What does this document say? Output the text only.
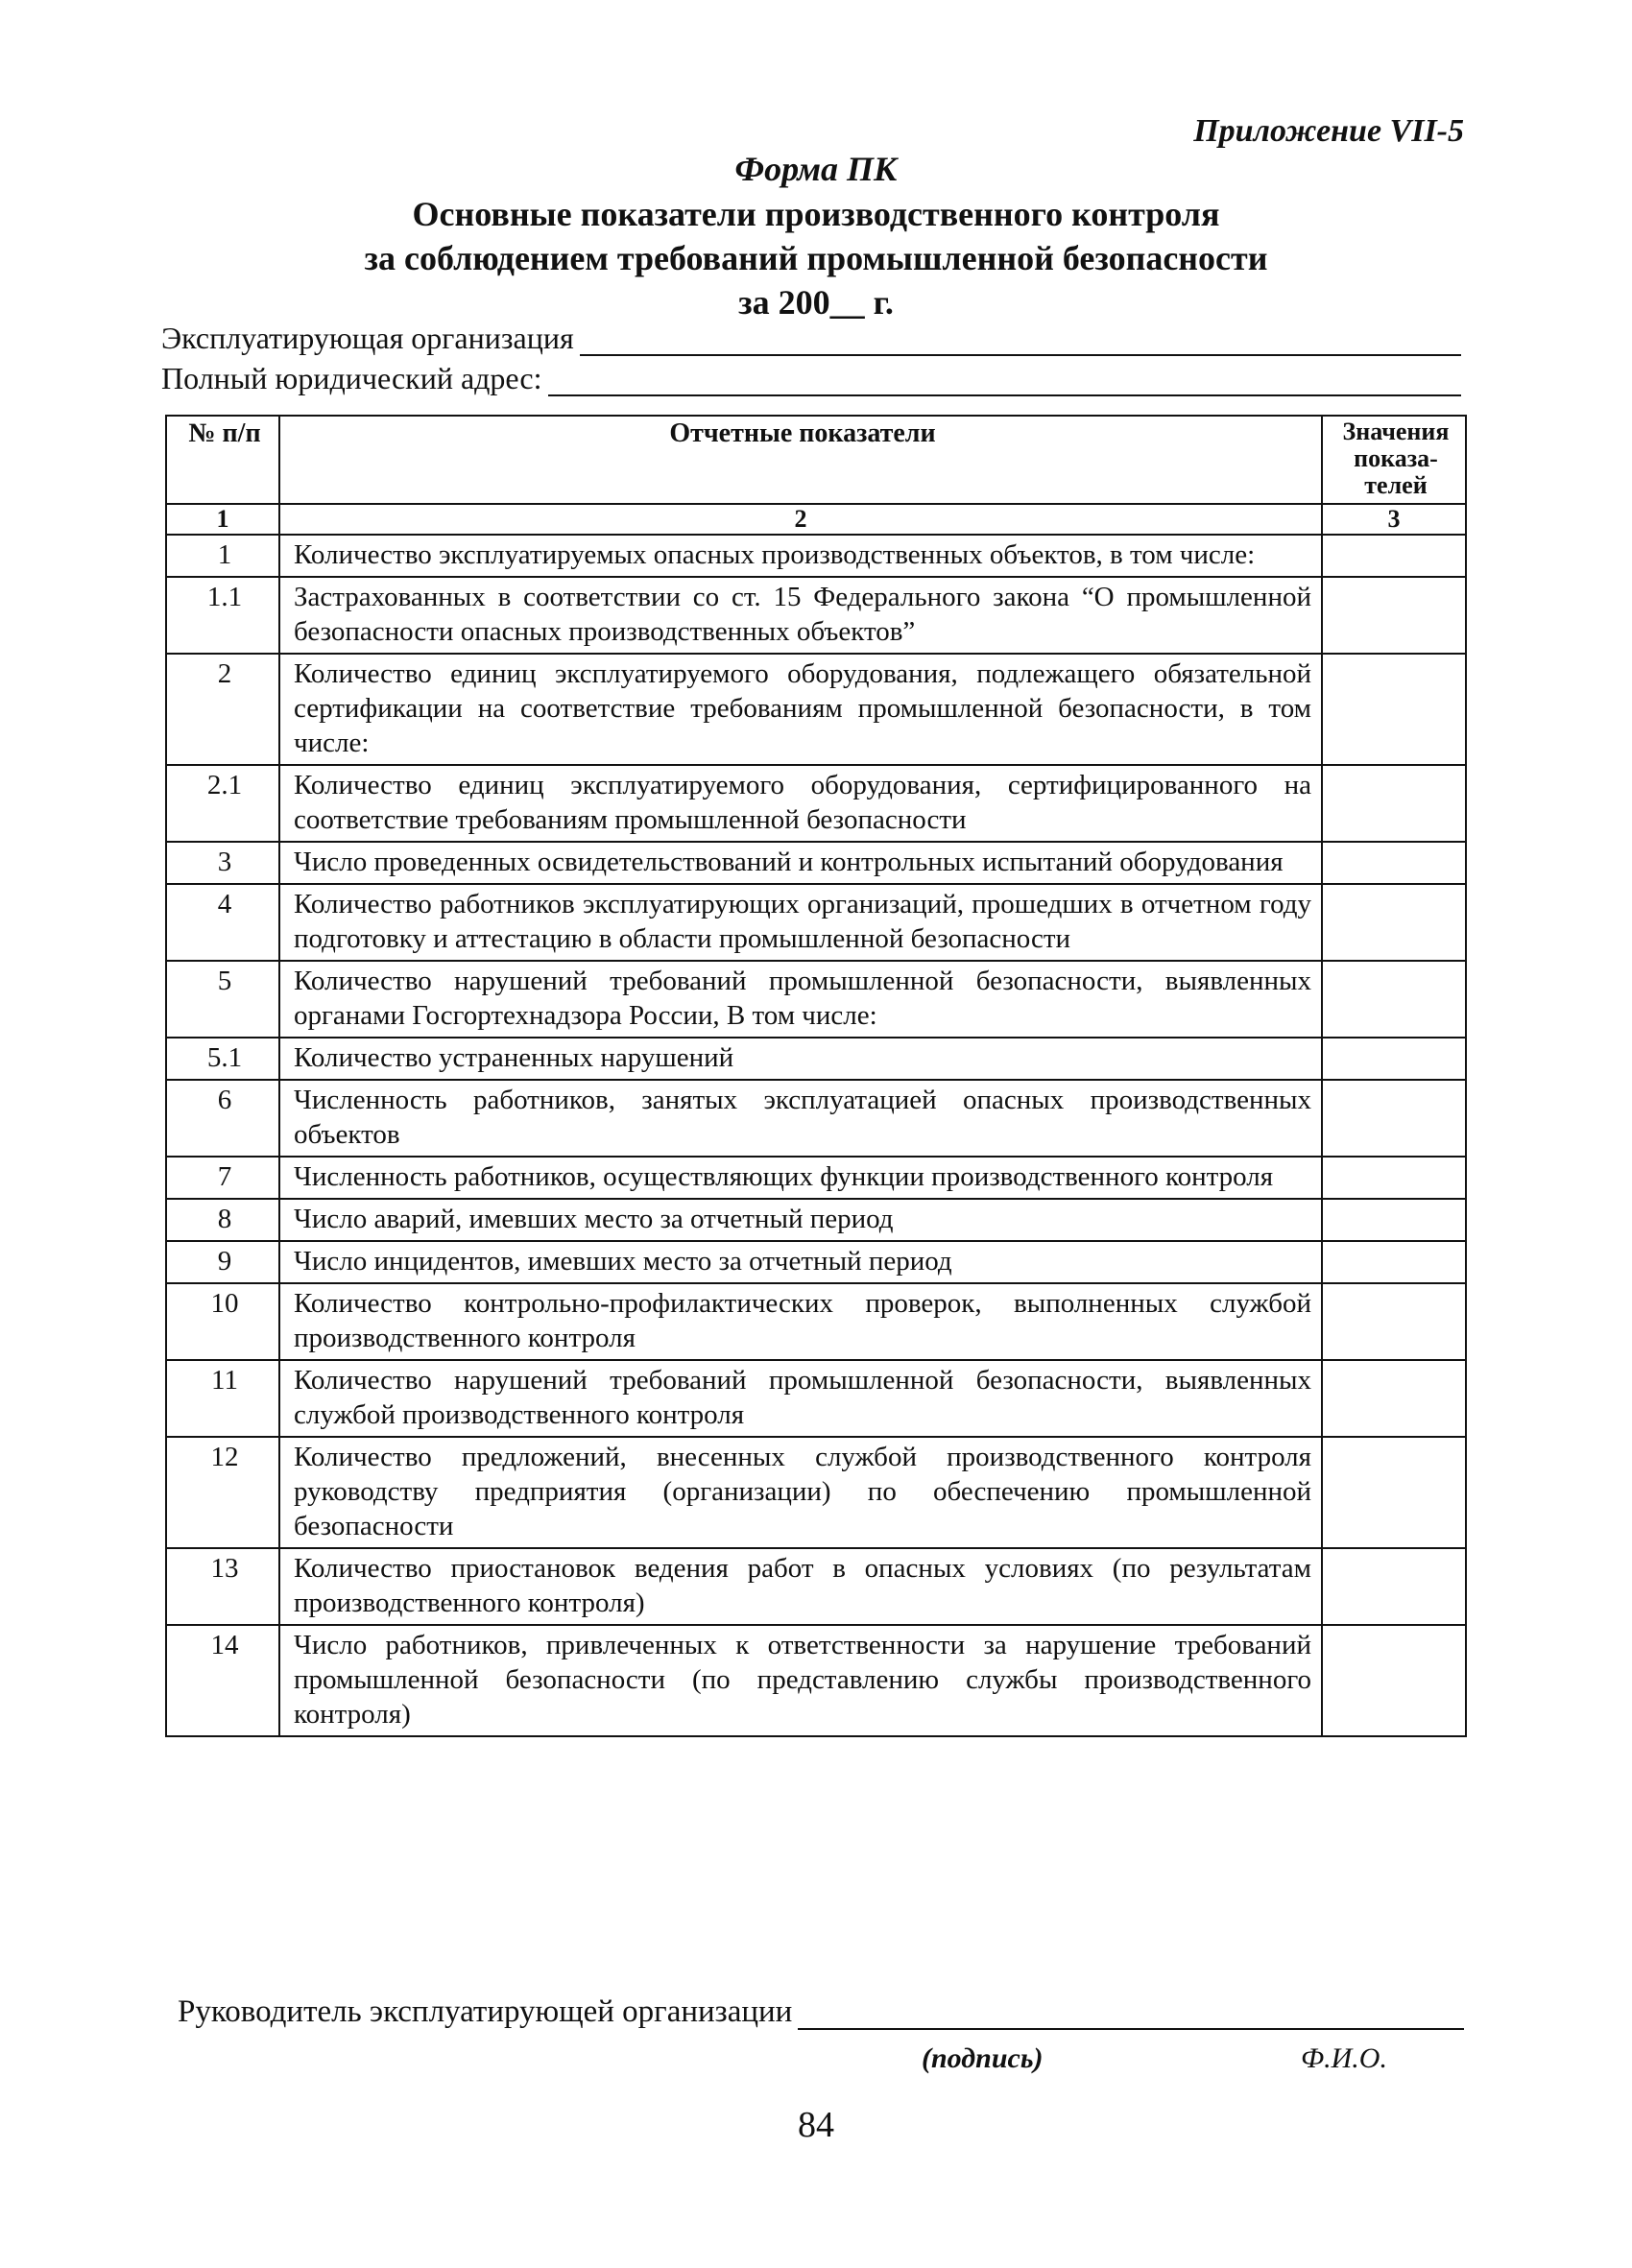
Приложение VII-5
Форма ПК
Основные показатели производственного контроля
за соблюдением требований промышленной безопасности
за 200__ г.
Эксплуатирующая организация
Полный юридический адрес:
№ п/п	Отчетные показатели	Значения показа-телей
1	2	3
1	Количество эксплуатируемых опасных производственных объектов, в том числе:	
1.1	Застрахованных в соответствии со ст. 15 Федерального закона “О промышленной безопасности опасных производственных объектов”	
2	Количество единиц эксплуатируемого оборудования, подлежащего обязательной сертификации на соответствие требованиям промышленной безопасности, в том числе:	
2.1	Количество единиц эксплуатируемого оборудования, сертифицированного на соответствие требованиям промышленной безопасности	
3	Число проведенных освидетельствований и контрольных испытаний оборудования	
4	Количество работников эксплуатирующих организаций, прошедших в отчетном году подготовку и аттестацию в области промышленной безопасности	
5	Количество нарушений требований промышленной безопасности, выявленных органами Госгортехнадзора России, В том числе:	
5.1	Количество устраненных нарушений	
6	Численность работников, занятых эксплуатацией опасных производственных объектов	
7	Численность работников, осуществляющих функции производственного контроля	
8	Число аварий, имевших место за отчетный период	
9	Число инцидентов, имевших место за отчетный период	
10	Количество контрольно-профилактических проверок, выполненных службой производственного контроля	
11	Количество нарушений требований промышленной безопасности, выявленных службой производственного контроля	
12	Количество предложений, внесенных службой производственного контроля руководству предприятия (организации) по обеспечению промышленной безопасности	
13	Количество приостановок ведения работ в опасных условиях (по результатам производственного контроля)	
14	Число работников, привлеченных к ответственности за нарушение требований промышленной безопасности (по представлению службы производственного контроля)	
Руководитель эксплуатирующей организации
(подпись)	Ф.И.О.
84
